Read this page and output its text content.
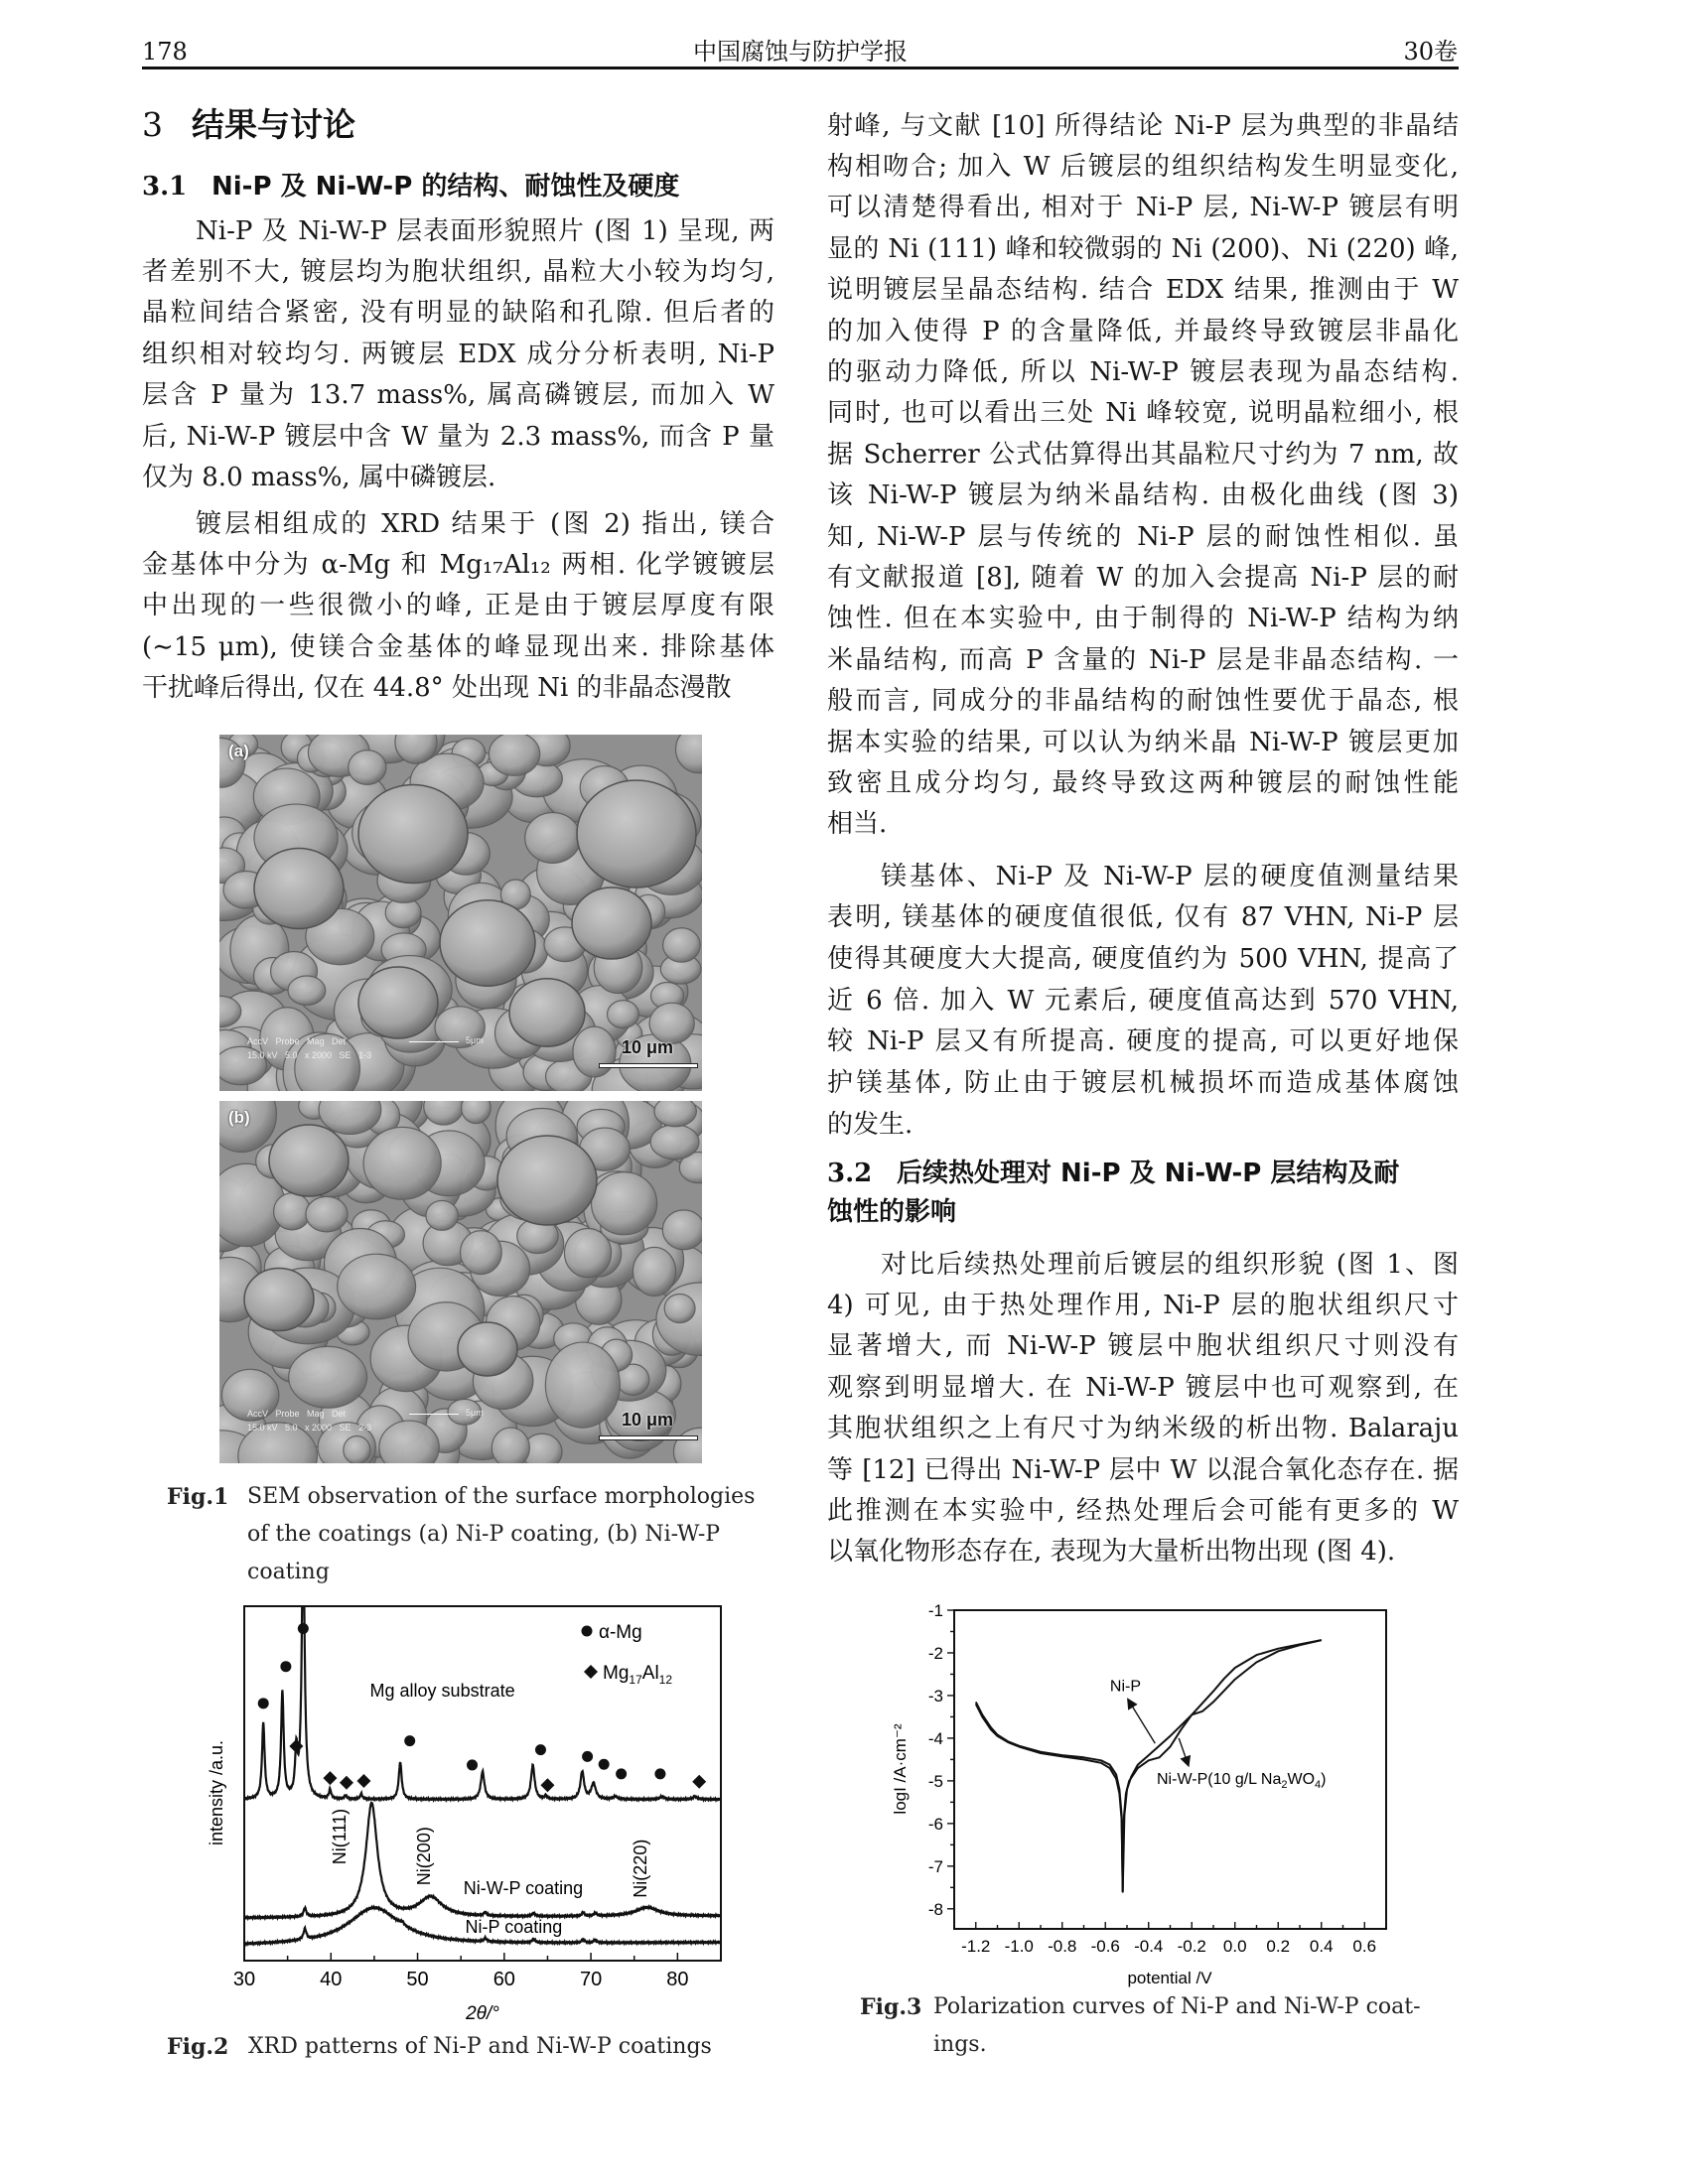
178	中国腐蚀与防护学报	30卷
3 结果与讨论
3.1 Ni-P 及 Ni-W-P 的结构、耐蚀性及硬度
3.2 后续热处理对 Ni-P 及 Ni-W-P 层结构及耐
蚀性的影响
Ni-P 及 Ni-W-P 层表面形貌照片 (图 1) 呈现, 两
者差别不大, 镀层均为胞状组织, 晶粒大小较为均匀,
晶粒间结合紧密, 没有明显的缺陷和孔隙. 但后者的
组织相对较均匀. 两镀层 EDX 成分分析表明, Ni-P
层含 P 量为 13.7 mass%, 属高磷镀层, 而加入 W
后, Ni-W-P 镀层中含 W 量为 2.3 mass%, 而含 P 量
仅为 8.0 mass%, 属中磷镀层.
镀层相组成的 XRD 结果于 (图 2) 指出, 镁合
金基体中分为 α-Mg 和 Mg₁₇Al₁₂ 两相. 化学镀镀层
中出现的一些很微小的峰, 正是由于镀层厚度有限
(∼15 μm), 使镁合金基体的峰显现出来. 排除基体
干扰峰后得出, 仅在 44.8° 处出现 Ni 的非晶态漫散
射峰, 与文献 [10] 所得结论 Ni-P 层为典型的非晶结
构相吻合; 加入 W 后镀层的组织结构发生明显变化,
可以清楚得看出, 相对于 Ni-P 层, Ni-W-P 镀层有明
显的 Ni (111) 峰和较微弱的 Ni (200)、Ni (220) 峰,
说明镀层呈晶态结构. 结合 EDX 结果, 推测由于 W
的加入使得 P 的含量降低, 并最终导致镀层非晶化
的驱动力降低, 所以 Ni-W-P 镀层表现为晶态结构.
同时, 也可以看出三处 Ni 峰较宽, 说明晶粒细小, 根
据 Scherrer 公式估算得出其晶粒尺寸约为 7 nm, 故
该 Ni-W-P 镀层为纳米晶结构. 由极化曲线 (图 3)
知, Ni-W-P 层与传统的 Ni-P 层的耐蚀性相似. 虽
有文献报道 [8], 随着 W 的加入会提高 Ni-P 层的耐
蚀性. 但在本实验中, 由于制得的 Ni-W-P 结构为纳
米晶结构, 而高 P 含量的 Ni-P 层是非晶态结构. 一
般而言, 同成分的非晶结构的耐蚀性要优于晶态, 根
据本实验的结果, 可以认为纳米晶 Ni-W-P 镀层更加
致密且成分均匀, 最终导致这两种镀层的耐蚀性能
相当.
镁基体、Ni-P 及 Ni-W-P 层的硬度值测量结果
表明, 镁基体的硬度值很低, 仅有 87 VHN, Ni-P 层
使得其硬度大大提高, 硬度值约为 500 VHN, 提高了
近 6 倍. 加入 W 元素后, 硬度值高达到 570 VHN,
较 Ni-P 层又有所提高. 硬度的提高, 可以更好地保
护镁基体, 防止由于镀层机械损坏而造成基体腐蚀
的发生.
对比后续热处理前后镀层的组织形貌 (图 1、图
4) 可见, 由于热处理作用, Ni-P 层的胞状组织尺寸
显著增大, 而 Ni-W-P 镀层中胞状组织尺寸则没有
观察到明显增大. 在 Ni-W-P 镀层中也可观察到, 在
其胞状组织之上有尺寸为纳米级的析出物. Balaraju
等 [12] 已得出 Ni-W-P 层中 W 以混合氧化态存在. 据
此推测在本实验中, 经热处理后会可能有更多的 W
以氧化物形态存在, 表现为大量析出物出现 (图 4).
(a)
AccV   Probe   Mag   Det
15.0 kV   5.0   x 2000   SE   1-3
5μm	10 μm
(b)
AccV   Probe   Mag   Det
15.0 kV   5.0   x 2000   SE   2-3
5μm	10 μm
Fig.1 SEM observation of the surface morphologies
of the coatings (a) Ni-P coating, (b) Ni-W-P
coating
30	40	50	60	70	80
2θ/°
intensity /a.u.
α-Mg
$Mg_{17}Al_{12}$
Mg alloy substrate
Ni(111)	Ni(200)	Ni(220)
Ni-W-P coating
Ni-P coating
-1.2 -1.0 -0.8 -0.6 -0.4 -0.2 0.0 0.2 0.4 0.6
-1
-2
-3
-4
-5
-6
-7
-8
potential /V
logI /A·cm⁻²
Ni-P
Ni-W-P(10 g/L $Na_2WO_4$)
Fig.2 XRD patterns of Ni-P and Ni-W-P coatings
Fig.3 Polarization curves of Ni-P and Ni-W-P coat-
ings.
